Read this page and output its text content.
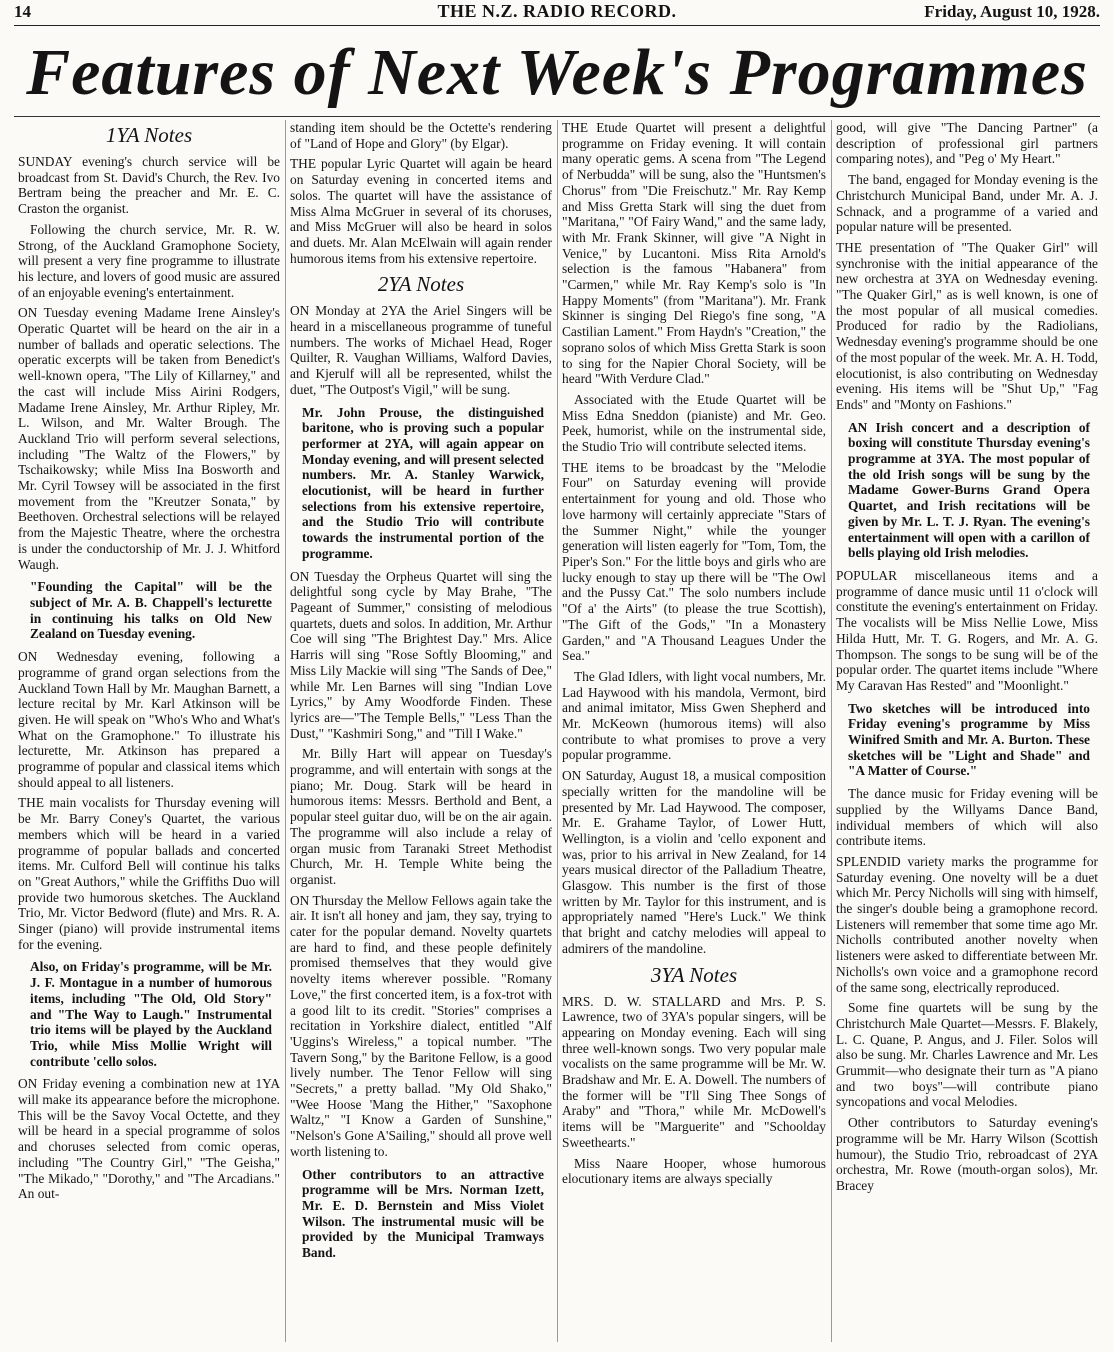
14	THE N.Z. RADIO RECORD.	Friday, August 10, 1928.
Features of Next Week's Programmes
1YA Notes

SUNDAY evening's church service will be broadcast from St. David's Church, the Rev. Ivo Bertram being the preacher and Mr. E. C. Craston the organist.

Following the church service, Mr. R. W. Strong, of the Auckland Gramophone Society, will present a very fine programme to illustrate his lecture, and lovers of good music are assured of an enjoyable evening's entertainment.

ON Tuesday evening Madame Irene Ainsley's Operatic Quartet will be heard on the air in a number of ballads and operatic selections. The operatic excerpts will be taken from Benedict's well-known opera, "The Lily of Killarney," and the cast will include Miss Airini Rodgers, Madame Irene Ainsley, Mr. Arthur Ripley, Mr. L. Wilson, and Mr. Walter Brough. The Auckland Trio will perform several selections, including "The Waltz of the Flowers," by Tschaikowsky; while Miss Ina Bosworth and Mr. Cyril Towsey will be associated in the first movement from the "Kreutzer Sonata," by Beethoven. Orchestral selections will be relayed from the Majestic Theatre, where the orchestra is under the conductorship of Mr. J. J. Whitford Waugh.

"Founding the Capital" will be the subject of Mr. A. B. Chappell's lecturette in continuing his talks on Old New Zealand on Tuesday evening.

ON Wednesday evening, following a programme of grand organ selections from the Auckland Town Hall by Mr. Maughan Barnett, a lecture recital by Mr. Karl Atkinson will be given. He will speak on "Who's Who and What's What on the Gramophone." To illustrate his lecturette, Mr. Atkinson has prepared a programme of popular and classical items which should appeal to all listeners.

THE main vocalists for Thursday evening will be Mr. Barry Coney's Quartet, the various members which will be heard in a varied programme of popular ballads and concerted items. Mr. Culford Bell will continue his talks on "Great Authors," while the Griffiths Duo will provide two humorous sketches. The Auckland Trio, Mr. Victor Bedword (flute) and Mrs. R. A. Singer (piano) will provide instrumental items for the evening.

Also, on Friday's programme, will be Mr. J. F. Montague in a number of humorous items, including "The Old, Old Story" and "The Way to Laugh." Instrumental trio items will be played by the Auckland Trio, while Miss Mollie Wright will contribute 'cello solos.

ON Friday evening a combination new at 1YA will make its appearance before the microphone. This will be the Savoy Vocal Octette, and they will be heard in a special programme of solos and choruses selected from comic operas, including "The Country Girl," "The Geisha," "The Mikado," "Dorothy," and "The Arcadians." An out-

standing item should be the Octette's rendering of "Land of Hope and Glory" (by Elgar).

THE popular Lyric Quartet will again be heard on Saturday evening in concerted items and solos. The quartet will have the assistance of Miss Alma McGruer in several of its choruses, and Miss McGruer will also be heard in solos and duets. Mr. Alan McElwain will again render humorous items from his extensive repertoire.

2YA Notes

ON Monday at 2YA the Ariel Singers will be heard in a miscellaneous programme of tuneful numbers. The works of Michael Head, Roger Quilter, R. Vaughan Williams, Walford Davies, and Kjerulf will all be represented, whilst the duet, "The Outpost's Vigil," will be sung.

Mr. John Prouse, the distinguished baritone, who is proving such a popular performer at 2YA, will again appear on Monday evening, and will present selected numbers. Mr. A. Stanley Warwick, elocutionist, will be heard in further selections from his extensive repertoire, and the Studio Trio will contribute towards the instrumental portion of the programme.

ON Tuesday the Orpheus Quartet will sing the delightful song cycle by May Brahe, "The Pageant of Summer," consisting of melodious quartets, duets and solos. In addition, Mr. Arthur Coe will sing "The Brightest Day." Mrs. Alice Harris will sing "Rose Softly Blooming," and Miss Lily Mackie will sing "The Sands of Dee," while Mr. Len Barnes will sing "Indian Love Lyrics," by Amy Woodforde Finden. These lyrics are—"The Temple Bells," "Less Than the Dust," "Kashmiri Song," and "Till I Wake."

Mr. Billy Hart will appear on Tuesday's programme, and will entertain with songs at the piano; Mr. Doug. Stark will be heard in humorous items: Messrs. Berthold and Bent, a popular steel guitar duo, will be on the air again. The programme will also include a relay of organ music from Taranaki Street Methodist Church, Mr. H. Temple White being the organist.

ON Thursday the Mellow Fellows again take the air. It isn't all honey and jam, they say, trying to cater for the popular demand. Novelty quartets are hard to find, and these people definitely promised themselves that they would give novelty items wherever possible. "Romany Love," the first concerted item, is a fox-trot with a good lilt to its credit. "Stories" comprises a recitation in Yorkshire dialect, entitled "Alf 'Uggins's Wireless," a topical number. "The Tavern Song," by the Baritone Fellow, is a good lively number. The Tenor Fellow will sing "Secrets," a pretty ballad. "My Old Shako," "Wee Hoose 'Mang the Hither," "Saxophone Waltz," "I Know a Garden of Sunshine," "Nelson's Gone A'Sailing," should all prove well worth listening to.

Other contributors to an attractive programme will be Mrs. Norman Izett, Mr. E. D. Bernstein and Miss Violet Wilson. The instrumental music will be provided by the Municipal Tramways Band.

THE Etude Quartet will present a delightful programme on Friday evening. It will contain many operatic gems. A scena from "The Legend of Nerbudda" will be sung, also the "Huntsmen's Chorus" from "Die Freischutz." Mr. Ray Kemp and Miss Gretta Stark will sing the duet from "Maritana," "Of Fairy Wand," and the same lady, with Mr. Frank Skinner, will give "A Night in Venice," by Lucantoni. Miss Rita Arnold's selection is the famous "Habanera" from "Carmen," while Mr. Ray Kemp's solo is "In Happy Moments" (from "Maritana"). Mr. Frank Skinner is singing Del Riego's fine song, "A Castilian Lament." From Haydn's "Creation," the soprano solos of which Miss Gretta Stark is soon to sing for the Napier Choral Society, will be heard "With Verdure Clad."

Associated with the Etude Quartet will be Miss Edna Sneddon (pianiste) and Mr. Geo. Peek, humorist, while on the instrumental side, the Studio Trio will contribute selected items.

THE items to be broadcast by the "Melodie Four" on Saturday evening will provide entertainment for young and old. Those who love harmony will certainly appreciate "Stars of the Summer Night," while the younger generation will listen eagerly for "Tom, Tom, the Piper's Son." For the little boys and girls who are lucky enough to stay up there will be "The Owl and the Pussy Cat." The solo numbers include "Of a' the Airts" (to please the true Scottish), "The Gift of the Gods," "In a Monastery Garden," and "A Thousand Leagues Under the Sea."

The Glad Idlers, with light vocal numbers, Mr. Lad Haywood with his mandola, Vermont, bird and animal imitator, Miss Gwen Shepherd and Mr. McKeown (humorous items) will also contribute to what promises to prove a very popular programme.

ON Saturday, August 18, a musical composition specially written for the mandoline will be presented by Mr. Lad Haywood. The composer, Mr. E. Grahame Taylor, of Lower Hutt, Wellington, is a violin and 'cello exponent and was, prior to his arrival in New Zealand, for 14 years musical director of the Palladium Theatre, Glasgow. This number is the first of those written by Mr. Taylor for this instrument, and is appropriately named "Here's Luck." We think that bright and catchy melodies will appeal to admirers of the mandoline.

3YA Notes

MRS. D. W. STALLARD and Mrs. P. S. Lawrence, two of 3YA's popular singers, will be appearing on Monday evening. Each will sing three well-known songs. Two very popular male vocalists on the same programme will be Mr. W. Bradshaw and Mr. E. A. Dowell. The numbers of the former will be "I'll Sing Thee Songs of Araby" and "Thora," while Mr. McDowell's items will be "Marguerite" and "Schoolday Sweethearts."

Miss Naare Hooper, whose humorous elocutionary items are always specially

good, will give "The Dancing Partner" (a description of professional girl partners comparing notes), and "Peg o' My Heart."

The band, engaged for Monday evening is the Christchurch Municipal Band, under Mr. A. J. Schnack, and a programme of a varied and popular nature will be presented.

THE presentation of "The Quaker Girl" will synchronise with the initial appearance of the new orchestra at 3YA on Wednesday evening. "The Quaker Girl," as is well known, is one of the most popular of all musical comedies. Produced for radio by the Radiolians, Wednesday evening's programme should be one of the most popular of the week. Mr. A. H. Todd, elocutionist, is also contributing on Wednesday evening. His items will be "Shut Up," "Fag Ends" and "Monty on Fashions."

AN Irish concert and a description of boxing will constitute Thursday evening's programme at 3YA. The most popular of the old Irish songs will be sung by the Madame Gower-Burns Grand Opera Quartet, and Irish recitations will be given by Mr. L. T. J. Ryan. The evening's entertainment will open with a carillon of bells playing old Irish melodies.

POPULAR miscellaneous items and a programme of dance music until 11 o'clock will constitute the evening's entertainment on Friday. The vocalists will be Miss Nellie Lowe, Miss Hilda Hutt, Mr. T. G. Rogers, and Mr. A. G. Thompson. The songs to be sung will be of the popular order. The quartet items include "Where My Caravan Has Rested" and "Moonlight."

Two sketches will be introduced into Friday evening's programme by Miss Winifred Smith and Mr. A. Burton. These sketches will be "Light and Shade" and "A Matter of Course."

The dance music for Friday evening will be supplied by the Willyams Dance Band, individual members of which will also contribute items.

SPLENDID variety marks the programme for Saturday evening. One novelty will be a duet which Mr. Percy Nicholls will sing with himself, the singer's double being a gramophone record. Listeners will remember that some time ago Mr. Nicholls contributed another novelty when listeners were asked to differentiate between Mr. Nicholls's own voice and a gramophone record of the same song, electrically reproduced.

Some fine quartets will be sung by the Christchurch Male Quartet—Messrs. F. Blakely, L. C. Quane, P. Angus, and J. Filer. Solos will also be sung. Mr. Charles Lawrence and Mr. Les Grummit—who designate their turn as "A piano and two boys"—will contribute piano syncopations and vocal Melodies.

Other contributors to Saturday evening's programme will be Mr. Harry Wilson (Scottish humour), the Studio Trio, rebroadcast of 2YA orchestra, Mr. Rowe (mouth-organ solos), Mr. Bracey
